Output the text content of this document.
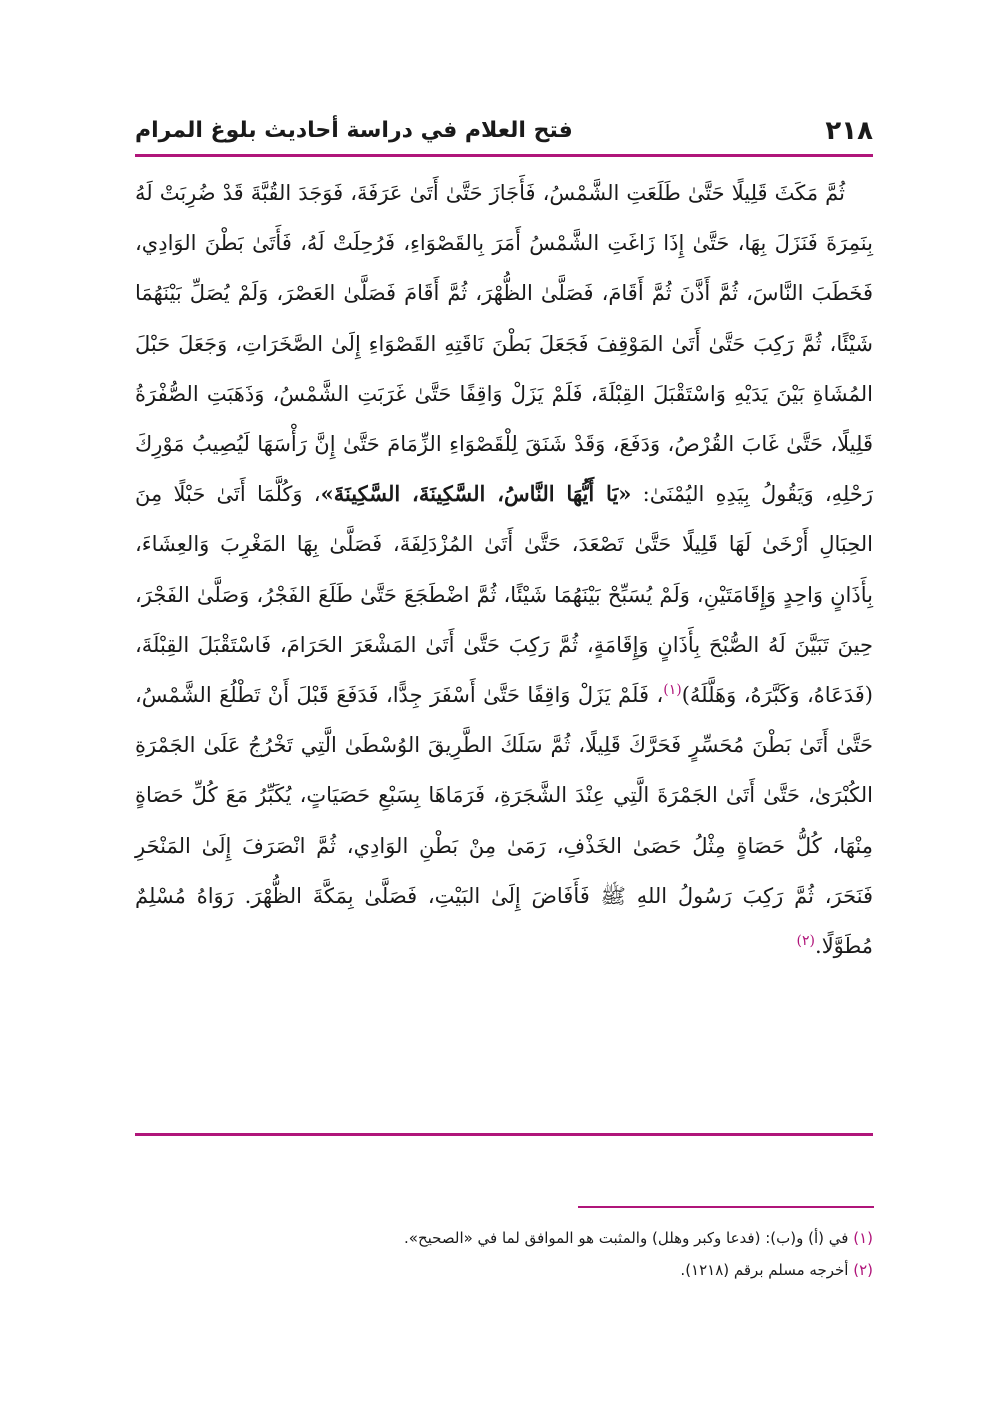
٢١٨
فتح العلام في دراسة أحاديث بلوغ المرام

ثُمَّ مَكَثَ قَلِيلًا حَتَّىٰ طَلَعَتِ الشَّمْسُ، فَأَجَازَ حَتَّىٰ أَتَىٰ عَرَفَةَ، فَوَجَدَ القُبَّةَ قَدْ ضُرِبَتْ لَهُ بِنَمِرَةَ فَنَزَلَ بِهَا، حَتَّىٰ إِذَا زَاغَتِ الشَّمْسُ أَمَرَ بِالقَصْوَاءِ، فَرُحِلَتْ لَهُ، فَأَتَىٰ بَطْنَ الوَادِي، فَخَطَبَ النَّاسَ، ثُمَّ أَذَّنَ ثُمَّ أَقَامَ، فَصَلَّىٰ الظُّهْرَ، ثُمَّ أَقَامَ فَصَلَّىٰ العَصْرَ، وَلَمْ يُصَلِّ بَيْنَهُمَا شَيْئًا، ثُمَّ رَكِبَ حَتَّىٰ أَتَىٰ المَوْقِفَ فَجَعَلَ بَطْنَ نَاقَتِهِ القَصْوَاءِ إِلَىٰ الصَّخَرَاتِ، وَجَعَلَ حَبْلَ المُشَاةِ بَيْنَ يَدَيْهِ وَاسْتَقْبَلَ القِبْلَةَ، فَلَمْ يَزَلْ وَاقِفًا حَتَّىٰ غَرَبَتِ الشَّمْسُ، وَذَهَبَتِ الصُّفْرَةُ قَلِيلًا، حَتَّىٰ غَابَ القُرْصُ، وَدَفَعَ، وَقَدْ شَنَقَ لِلْقَصْوَاءِ الزِّمَامَ حَتَّىٰ إِنَّ رَأْسَهَا لَيُصِيبُ مَوْرِكَ رَحْلِهِ، وَيَقُولُ بِيَدِهِ اليُمْنَىٰ: «يَا أَيُّهَا النَّاسُ، السَّكِينَةَ، السَّكِينَةَ»، وَكُلَّمَا أَتَىٰ حَبْلًا مِنَ الحِبَالِ أَرْخَىٰ لَهَا قَلِيلًا حَتَّىٰ تَصْعَدَ، حَتَّىٰ أَتَىٰ المُزْدَلِفَةَ، فَصَلَّىٰ بِهَا المَغْرِبَ وَالعِشَاءَ، بِأَذَانٍ وَاحِدٍ وَإِقَامَتَيْنِ، وَلَمْ يُسَبِّحْ بَيْنَهُمَا شَيْئًا، ثُمَّ اضْطَجَعَ حَتَّىٰ طَلَعَ الفَجْرُ، وَصَلَّىٰ الفَجْرَ، حِينَ تَبَيَّنَ لَهُ الصُّبْحَ بِأَذَانٍ وَإِقَامَةٍ، ثُمَّ رَكِبَ حَتَّىٰ أَتَىٰ المَشْعَرَ الحَرَامَ، فَاسْتَقْبَلَ القِبْلَةَ، (فَدَعَاهُ، وَكَبَّرَهُ، وَهَلَّلَهُ)$^{(١)}$، فَلَمْ يَزَلْ وَاقِفًا حَتَّىٰ أَسْفَرَ جِدًّا، فَدَفَعَ قَبْلَ أَنْ تَطْلُعَ الشَّمْسُ، حَتَّىٰ أَتَىٰ بَطْنَ مُحَسِّرٍ فَحَرَّكَ قَلِيلًا، ثُمَّ سَلَكَ الطَّرِيقَ الوُسْطَىٰ الَّتِي تَخْرُجُ عَلَىٰ الجَمْرَةِ الكُبْرَىٰ، حَتَّىٰ أَتَىٰ الجَمْرَةَ الَّتِي عِنْدَ الشَّجَرَةِ، فَرَمَاهَا بِسَبْعِ حَصَيَاتٍ، يُكَبِّرُ مَعَ كُلِّ حَصَاةٍ مِنْهَا، كُلُّ حَصَاةٍ مِثْلُ حَصَىٰ الخَذْفِ، رَمَىٰ مِنْ بَطْنِ الوَادِي، ثُمَّ انْصَرَفَ إِلَىٰ المَنْحَرِ فَنَحَرَ، ثُمَّ رَكِبَ رَسُولُ اللهِ ﷺ فَأَفَاضَ إِلَىٰ البَيْتِ، فَصَلَّىٰ بِمَكَّةَ الظُّهْرَ. رَوَاهُ مُسْلِمٌ مُطَوَّلًا.$^{(٢)}$

(١) في (أ) و(ب): (فدعا وكبر وهلل) والمثبت هو الموافق لما في «الصحيح».
(٢) أخرجه مسلم برقم (١٢١٨).
